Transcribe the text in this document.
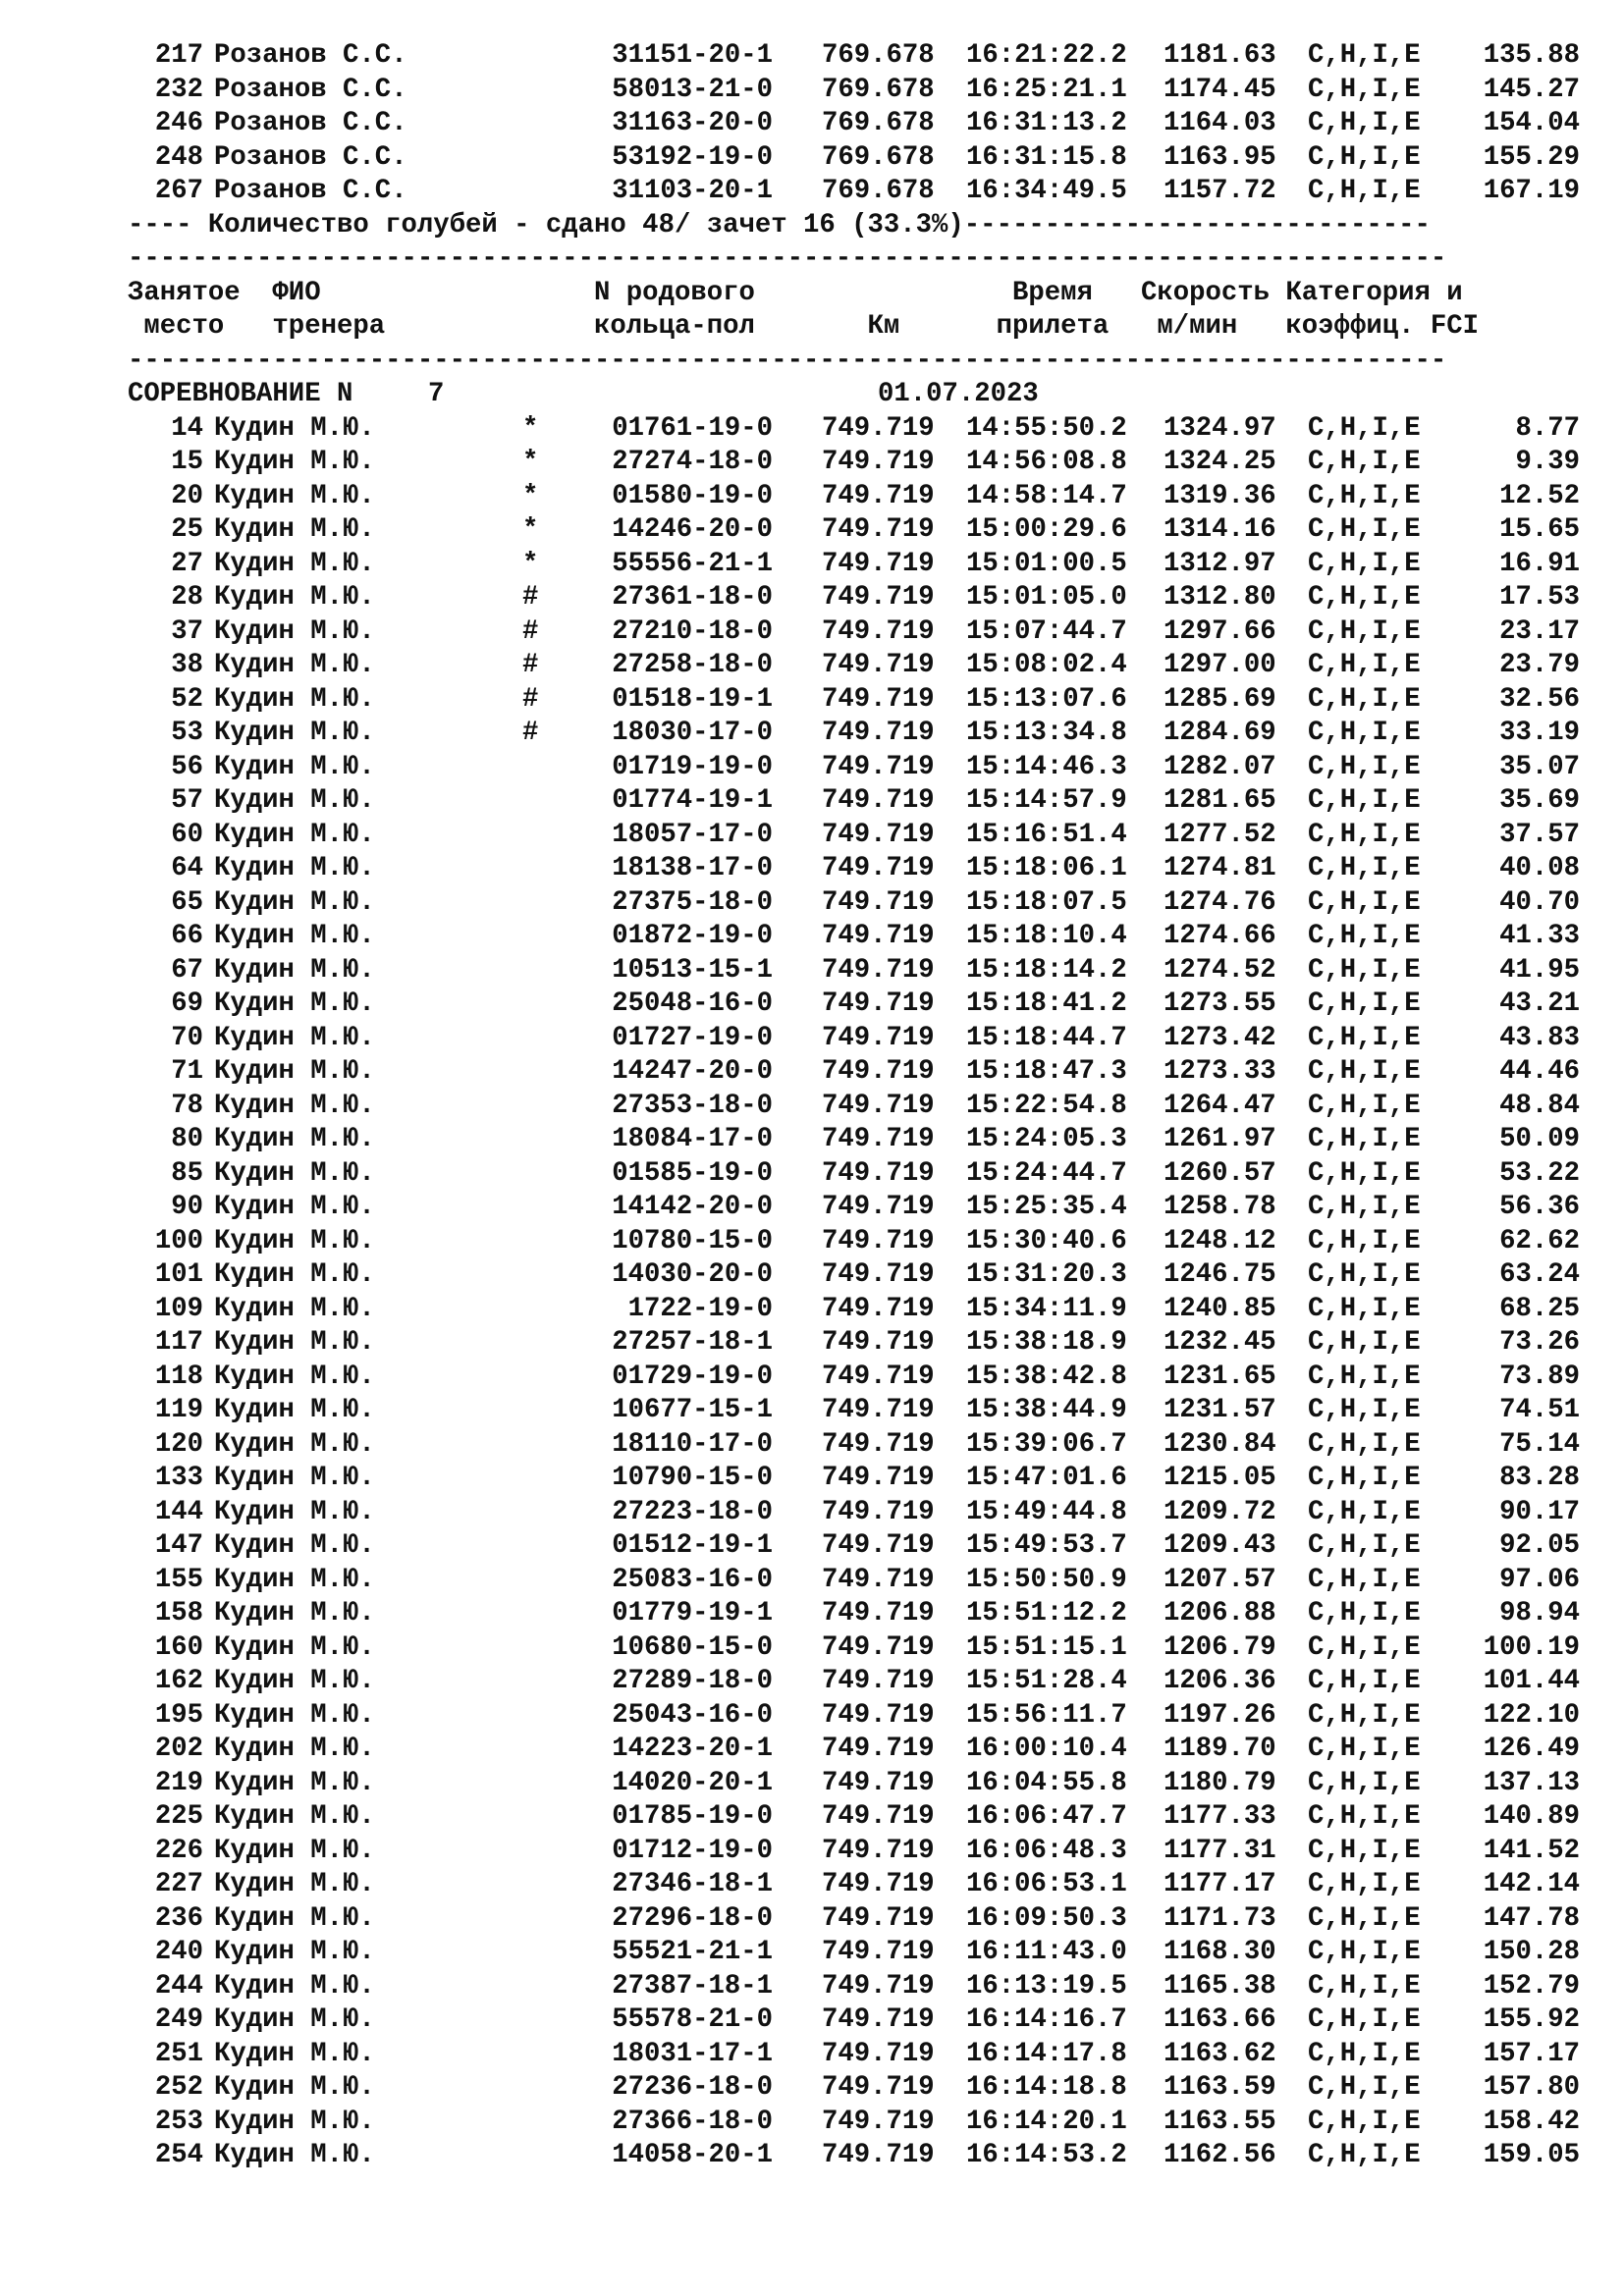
217 Розанов С.С.	31151-20-1 769.678 16:21:22.2 1181.63 C,H,I,E	135.88
232 Розанов С.С.	58013-21-0 769.678 16:25:21.1 1174.45 C,H,I,E	145.27
246 Розанов С.С.	31163-20-0 769.678 16:31:13.2 1164.03 C,H,I,E	154.04
248 Розанов С.С.	53192-19-0 769.678 16:31:15.8 1163.95 C,H,I,E	155.29
267 Розанов С.С.	31103-20-1 769.678 16:34:49.5 1157.72 C,H,I,E	167.19

---- Количество голубей - сдано 48/ зачет 16 (33.3%)-----------------------------

----------------------------------------------------------------------------------

Занятое  ФИО                 N родового                Время   Скорость Категория и

место   тренера             кольца-пол       Км      прилета   м/мин   коэффиц. FCI

----------------------------------------------------------------------------------

СОРЕВНОВАНИЕ N

	7

	01.07.2023

14 Кудин М.Ю.	*	01761-19-0 749.719 14:55:50.2 1324.97 C,H,I,E	8.77
15 Кудин М.Ю.	*	27274-18-0 749.719 14:56:08.8 1324.25 C,H,I,E	9.39
20 Кудин М.Ю.	*	01580-19-0 749.719 14:58:14.7 1319.36 C,H,I,E	12.52
25 Кудин М.Ю.	*	14246-20-0 749.719 15:00:29.6 1314.16 C,H,I,E	15.65
27 Кудин М.Ю.	*	55556-21-1 749.719 15:01:00.5 1312.97 C,H,I,E	16.91
28 Кудин М.Ю.	#	27361-18-0 749.719 15:01:05.0 1312.80 C,H,I,E	17.53
37 Кудин М.Ю.	#	27210-18-0 749.719 15:07:44.7 1297.66 C,H,I,E	23.17
38 Кудин М.Ю.	#	27258-18-0 749.719 15:08:02.4 1297.00 C,H,I,E	23.79
52 Кудин М.Ю.	#	01518-19-1 749.719 15:13:07.6 1285.69 C,H,I,E	32.56
53 Кудин М.Ю.	#	18030-17-0 749.719 15:13:34.8 1284.69 C,H,I,E	33.19
56 Кудин М.Ю.	01719-19-0 749.719 15:14:46.3 1282.07 C,H,I,E	35.07
57 Кудин М.Ю.	01774-19-1 749.719 15:14:57.9 1281.65 C,H,I,E	35.69
60 Кудин М.Ю.	18057-17-0 749.719 15:16:51.4 1277.52 C,H,I,E	37.57
64 Кудин М.Ю.	18138-17-0 749.719 15:18:06.1 1274.81 C,H,I,E	40.08
65 Кудин М.Ю.	27375-18-0 749.719 15:18:07.5 1274.76 C,H,I,E	40.70
66 Кудин М.Ю.	01872-19-0 749.719 15:18:10.4 1274.66 C,H,I,E	41.33
67 Кудин М.Ю.	10513-15-1 749.719 15:18:14.2 1274.52 C,H,I,E	41.95
69 Кудин М.Ю.	25048-16-0 749.719 15:18:41.2 1273.55 C,H,I,E	43.21
70 Кудин М.Ю.	01727-19-0 749.719 15:18:44.7 1273.42 C,H,I,E	43.83
71 Кудин М.Ю.	14247-20-0 749.719 15:18:47.3 1273.33 C,H,I,E	44.46
78 Кудин М.Ю.	27353-18-0 749.719 15:22:54.8 1264.47 C,H,I,E	48.84
80 Кудин М.Ю.	18084-17-0 749.719 15:24:05.3 1261.97 C,H,I,E	50.09
85 Кудин М.Ю.	01585-19-0 749.719 15:24:44.7 1260.57 C,H,I,E	53.22
90 Кудин М.Ю.	14142-20-0 749.719 15:25:35.4 1258.78 C,H,I,E	56.36
100 Кудин М.Ю.	10780-15-0 749.719 15:30:40.6 1248.12 C,H,I,E	62.62
101 Кудин М.Ю.	14030-20-0 749.719 15:31:20.3 1246.75 C,H,I,E	63.24
109 Кудин М.Ю.	1722-19-0 749.719 15:34:11.9 1240.85 C,H,I,E	68.25
117 Кудин М.Ю.	27257-18-1 749.719 15:38:18.9 1232.45 C,H,I,E	73.26
118 Кудин М.Ю.	01729-19-0 749.719 15:38:42.8 1231.65 C,H,I,E	73.89
119 Кудин М.Ю.	10677-15-1 749.719 15:38:44.9 1231.57 C,H,I,E	74.51
120 Кудин М.Ю.	18110-17-0 749.719 15:39:06.7 1230.84 C,H,I,E	75.14
133 Кудин М.Ю.	10790-15-0 749.719 15:47:01.6 1215.05 C,H,I,E	83.28
144 Кудин М.Ю.	27223-18-0 749.719 15:49:44.8 1209.72 C,H,I,E	90.17
147 Кудин М.Ю.	01512-19-1 749.719 15:49:53.7 1209.43 C,H,I,E	92.05
155 Кудин М.Ю.	25083-16-0 749.719 15:50:50.9 1207.57 C,H,I,E	97.06
158 Кудин М.Ю.	01779-19-1 749.719 15:51:12.2 1206.88 C,H,I,E	98.94
160 Кудин М.Ю.	10680-15-0 749.719 15:51:15.1 1206.79 C,H,I,E	100.19
162 Кудин М.Ю.	27289-18-0 749.719 15:51:28.4 1206.36 C,H,I,E	101.44
195 Кудин М.Ю.	25043-16-0 749.719 15:56:11.7 1197.26 C,H,I,E	122.10
202 Кудин М.Ю.	14223-20-1 749.719 16:00:10.4 1189.70 C,H,I,E	126.49
219 Кудин М.Ю.	14020-20-1 749.719 16:04:55.8 1180.79 C,H,I,E	137.13
225 Кудин М.Ю.	01785-19-0 749.719 16:06:47.7 1177.33 C,H,I,E	140.89
226 Кудин М.Ю.	01712-19-0 749.719 16:06:48.3 1177.31 C,H,I,E	141.52
227 Кудин М.Ю.	27346-18-1 749.719 16:06:53.1 1177.17 C,H,I,E	142.14
236 Кудин М.Ю.	27296-18-0 749.719 16:09:50.3 1171.73 C,H,I,E	147.78
240 Кудин М.Ю.	55521-21-1 749.719 16:11:43.0 1168.30 C,H,I,E	150.28
244 Кудин М.Ю.	27387-18-1 749.719 16:13:19.5 1165.38 C,H,I,E	152.79
249 Кудин М.Ю.	55578-21-0 749.719 16:14:16.7 1163.66 C,H,I,E	155.92
251 Кудин М.Ю.	18031-17-1 749.719 16:14:17.8 1163.62 C,H,I,E	157.17
252 Кудин М.Ю.	27236-18-0 749.719 16:14:18.8 1163.59 C,H,I,E	157.80
253 Кудин М.Ю.	27366-18-0 749.719 16:14:20.1 1163.55 C,H,I,E	158.42
254 Кудин М.Ю.	14058-20-1 749.719 16:14:53.2 1162.56 C,H,I,E	159.05
